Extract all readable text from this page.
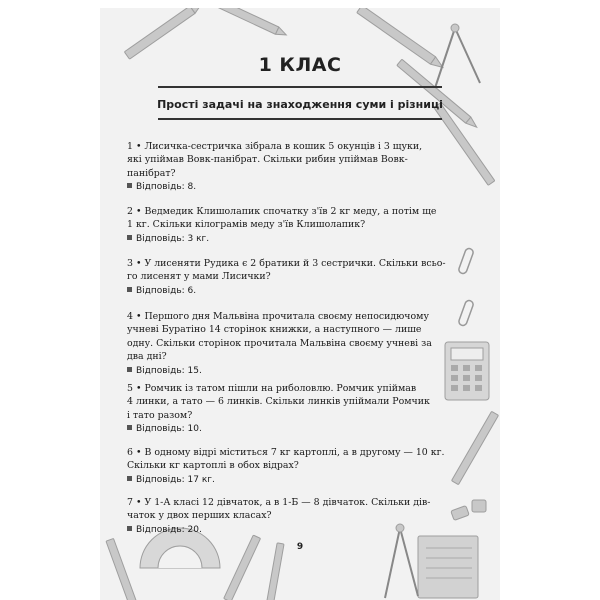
1 КЛАС
Прості задачі на знаходження суми і різниці

1 • Лисичка-сестричка зібрала в кошик 5 окунців і 3 щуки,
які упіймав Вовк-панібрат. Скільки рибин упіймав Вовк-
панібрат?

Відповідь: 8.

2 • Ведмедик Клишолапик спочатку з'їв 2 кг меду, а потім ще
1 кг. Скільки кілограмів меду з'їв Клишолапик?

Відповідь: 3 кг.

3 • У лисеняти Рудика є 2 братики й 3 сестрички. Скільки всьо-
го лисенят у мами Лисички?

Відповідь: 6.

4 • Першого дня Мальвіна прочитала своєму непосидючому
учневі Буратіно 14 сторінок книжки, а наступного — лише
одну. Скільки сторінок прочитала Мальвіна своєму учневі за
два дні?

Відповідь: 15.

5 • Ромчик із татом пішли на риболовлю. Ромчик упіймав
4 линки, а тато — 6 линків. Скільки линків упіймали Ромчик
і тато разом?

Відповідь: 10.

6 • В одному відрі міститься 7 кг картоплі, а в другому — 10 кг.
Скільки кг картоплі в обох відрах?

Відповідь: 17 кг.

7 • У 1-А класі 12 дівчаток, а в 1-Б — 8 дівчаток. Скільки дів-
чаток у двох перших класах?

Відповідь: 20.

9
